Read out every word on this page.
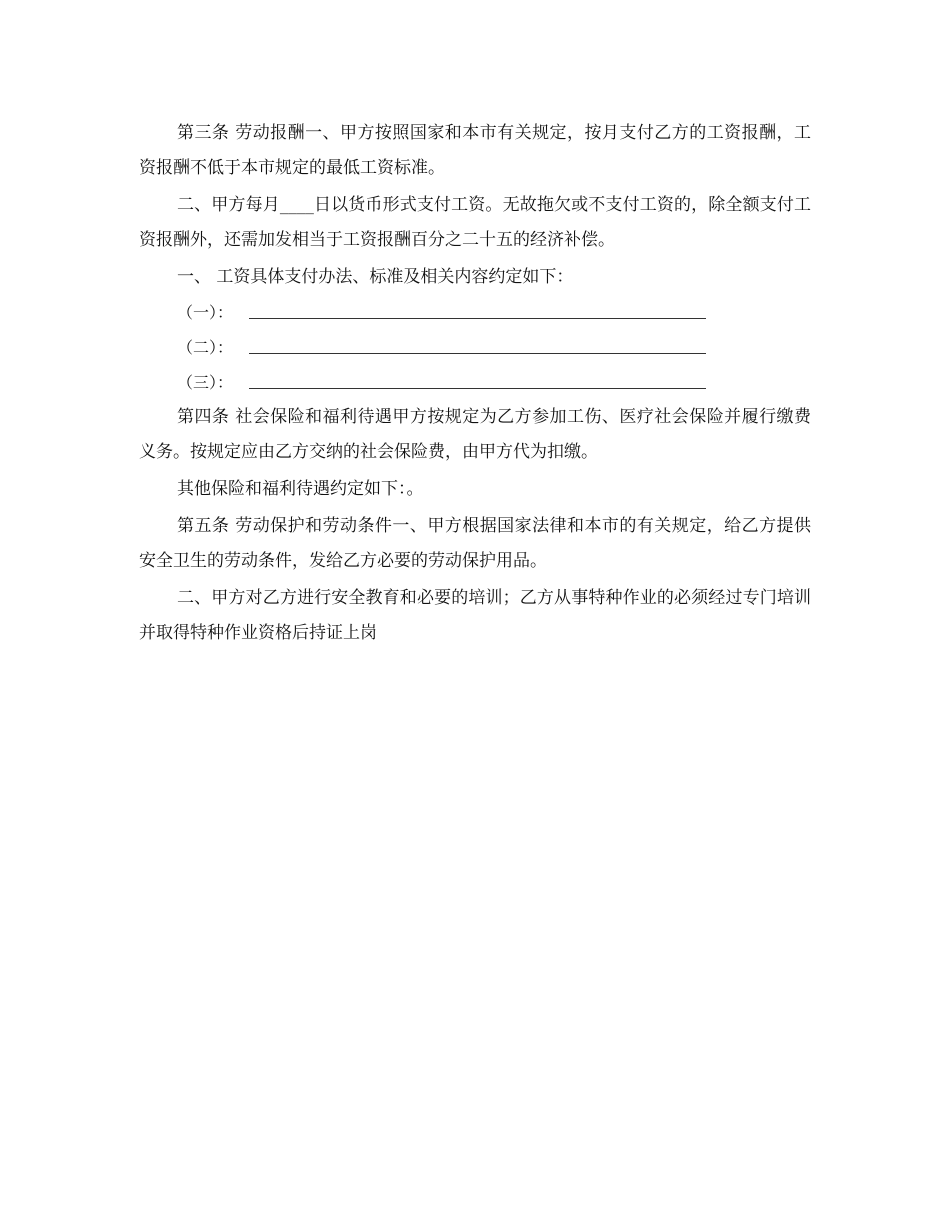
第三条 劳动报酬一、甲方按照国家和本市有关规定，按月支付乙方的工资报酬，工资报酬不低于本市规定的最低工资标准。

二、甲方每月____日以货币形式支付工资。无故拖欠或不支付工资的，除全额支付工资报酬外，还需加发相当于工资报酬百分之二十五的经济补偿。

一、 工资具体支付办法、标准及相关内容约定如下：

（一）：
（二）：
（三）：

第四条 社会保险和福利待遇甲方按规定为乙方参加工伤、医疗社会保险并履行缴费义务。按规定应由乙方交纳的社会保险费，由甲方代为扣缴。

其他保险和福利待遇约定如下：。

第五条 劳动保护和劳动条件一、甲方根据国家法律和本市的有关规定，给乙方提供安全卫生的劳动条件，发给乙方必要的劳动保护用品。

二、甲方对乙方进行安全教育和必要的培训；乙方从事特种作业的必须经过专门培训并取得特种作业资格后持证上岗
